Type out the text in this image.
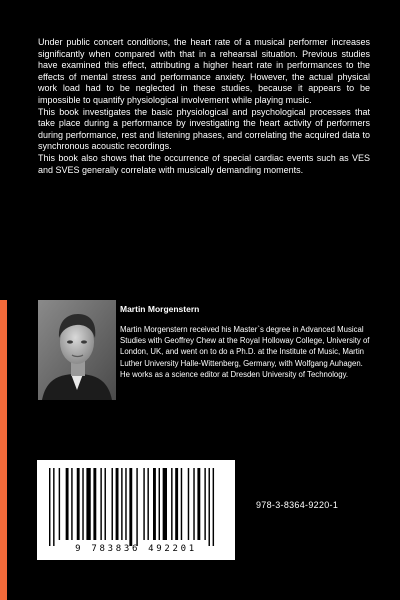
Under public concert conditions, the heart rate of a musical performer increases significantly when compared with that in a rehearsal situation. Previous studies have examined this effect, attributing a higher heart rate in performances to the effects of mental stress and performance anxiety. However, the actual physical work load had to be neglected in these studies, because it appears to be impossible to quantify physiological involvement while playing music.

This book investigates the basic physiological and psychological processes that take place during a performance by investigating the heart activity of performers during performance, rest and listening phases, and correlating the acquired data to synchronous acoustic recordings.

This book also shows that the occurrence of special cardiac events such as VES and SVES generally correlate with musically demanding moments.

Martin Morgenstern
Martin Morgenstern received his Master`s degree in Advanced Musical Studies with Geoffrey Chew at the Royal Holloway College, University of London, UK, and went on to do a Ph.D. at the Institute of Music, Martin Luther University Halle-Wittenberg, Germany, with Wolfgang Auhagen. He works as a science editor at Dresden University of Technology.
9 783836 492201
978-3-8364-9220-1
